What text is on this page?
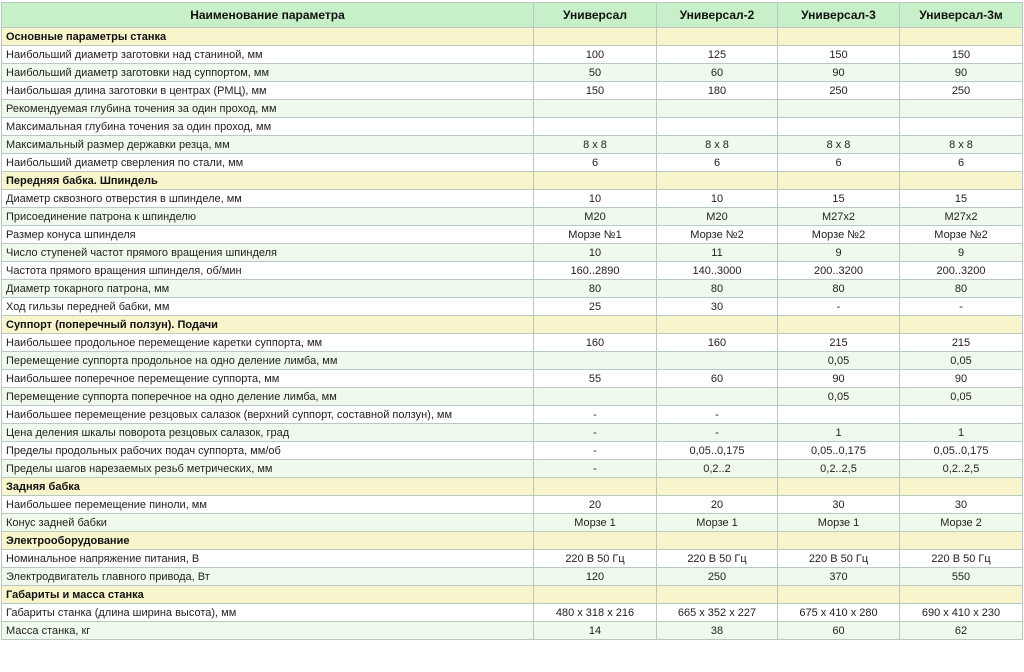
Наименование параметра	Универсал	Универсал-2	Универсал-3	Универсал-3м
Основные параметры станка				
Наибольший диаметр заготовки над станиной, мм	100	125	150	150
Наибольший диаметр заготовки над суппортом, мм	50	60	90	90
Наибольшая длина заготовки в центрах (РМЦ), мм	150	180	250	250
Рекомендуемая глубина точения за один проход, мм				
Максимальная глубина точения за один проход, мм				
Максимальный размер державки резца, мм	8 x 8	8 x 8	8 x 8	8 x 8
Наибольший диаметр сверления по стали, мм	6	6	6	6
Передняя бабка. Шпиндель				
Диаметр сквозного отверстия в шпинделе, мм	10	10	15	15
Присоединение патрона к шпинделю	М20	М20	М27x2	М27x2
Размер конуса шпинделя	Морзе №1	Морзе №2	Морзе №2	Морзе №2
Число ступеней частот прямого вращения шпинделя	10	11	9	9
Частота прямого вращения шпинделя, об/мин	160..2890	140..3000	200..3200	200..3200
Диаметр токарного патрона, мм	80	80	80	80
Ход гильзы передней бабки, мм	25	30	-	-
Суппорт (поперечный ползун). Подачи				
Наибольшее продольное перемещение каретки суппорта, мм	160	160	215	215
Перемещение суппорта продольное на одно деление лимба, мм			0,05	0,05
Наибольшее поперечное перемещение суппорта, мм	55	60	90	90
Перемещение суппорта поперечное на одно деление лимба, мм			0,05	0,05
Наибольшее перемещение резцовых салазок (верхний суппорт, составной ползун), мм	-	-		
Цена деления шкалы поворота резцовых салазок, град	-	-	1	1
Пределы продольных рабочих подач суппорта, мм/об	-	0,05..0,175	0,05..0,175	0,05..0,175
Пределы шагов нарезаемых резьб метрических, мм	-	0,2..2	0,2..2,5	0,2..2,5
Задняя бабка				
Наибольшее перемещение пиноли, мм	20	20	30	30
Конус задней бабки	Морзе 1	Морзе 1	Морзе 1	Морзе 2
Электрооборудование				
Номинальное напряжение питания, В	220 В 50 Гц	220 В 50 Гц	220 В 50 Гц	220 В 50 Гц
Электродвигатель главного привода, Вт	120	250	370	550
Габариты и масса станка				
Габариты станка (длина ширина высота), мм	480 x 318 x 216	665 x 352 x 227	675 x 410 x 280	690 x 410 x 230
Масса станка, кг	14	38	60	62
